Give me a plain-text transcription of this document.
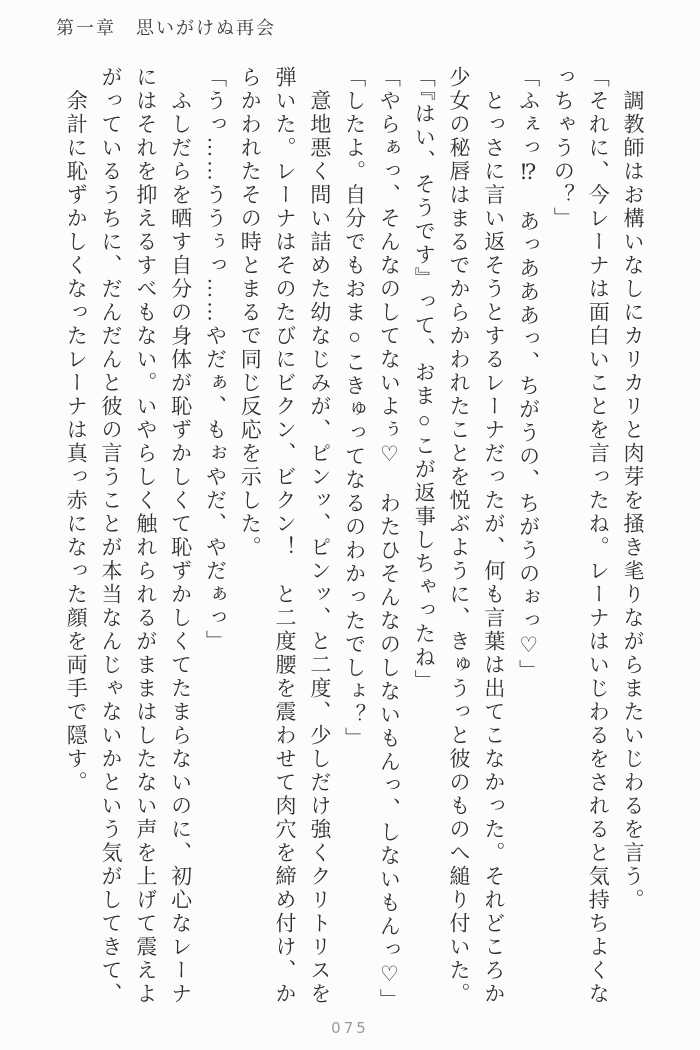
第一章　思いがけぬ再会

　調教師はお構いなしにカリカリと肉芽を掻き毟りながらまたいじわるを言う。

「それに、今レーナは面白いことを言ったね。レーナはいじわるをされると気持ちよくな

っちゃうの？」

「ふぇっ⁉　あっあああっ、ちがうの、ちがうのぉっ♡」

　とっさに言い返そうとするレーナだったが、何も言葉は出てこなかった。それどころか

少女の秘唇はまるでからかわれたことを悦ぶように、きゅうっと彼のものへ縋り付いた。

「『はい、そうです』って、おま○こが返事しちゃったね」

「やらぁっ、そんなのしてないよぅ♡　わたひそんなのしないもんっ、しないもんっ♡」

「したよ。自分でもおま○こきゅってなるのわかったでしょ？」

　意地悪く問い詰めた幼なじみが、ピンッ、ピンッ、と二度、少しだけ強くクリトリスを

弾いた。レーナはそのたびにビクン、ビクン！　と二度腰を震わせて肉穴を締め付け、か

らかわれたその時とまるで同じ反応を示した。

「うっ……ううぅっ……やだぁ、もぉやだ、やだぁっ」

　ふしだらを晒す自分の身体が恥ずかしくて恥ずかしくてたまらないのに、初心なレーナ

にはそれを抑えるすべもない。いやらしく触れられるがままはしたない声を上げて震えよ

がっているうちに、だんだんと彼の言うことが本当なんじゃないかという気がしてきて、

　余計に恥ずかしくなったレーナは真っ赤になった顔を両手で隠す。

075
